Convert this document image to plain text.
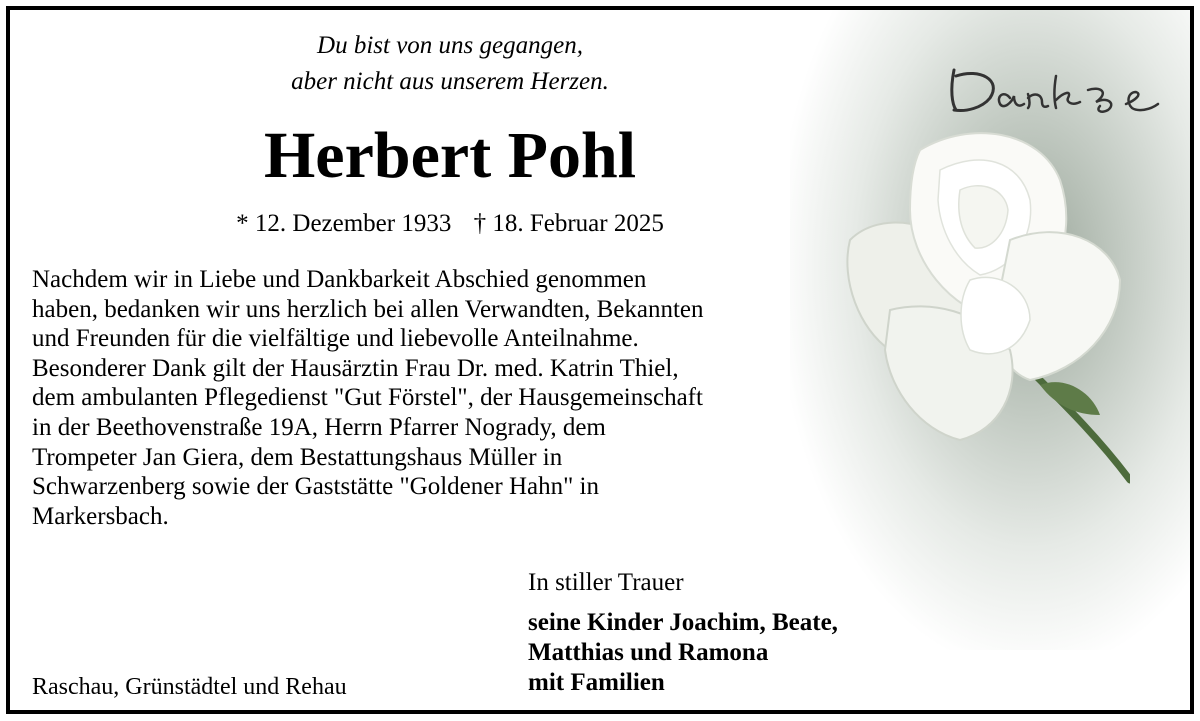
Du bist von uns gegangen,
aber nicht aus unserem Herzen.
Herbert Pohl
* 12. Dezember 1933 † 18. Februar 2025
Nachdem wir in Liebe und Dankbarkeit Abschied genommen
haben, bedanken wir uns herzlich bei allen Verwandten, Bekannten
und Freunden für die vielfältige und liebevolle Anteilnahme.
Besonderer Dank gilt der Hausärztin Frau Dr. med. Katrin Thiel,
dem ambulanten Pflegedienst "Gut Förstel", der Hausgemeinschaft
in der Beethovenstraße 19A, Herrn Pfarrer Nogrady, dem
Trompeter Jan Giera, dem Bestattungshaus Müller in
Schwarzenberg sowie der Gaststätte "Goldener Hahn" in
Markersbach.
In stiller Trauer
seine Kinder Joachim, Beate,
Matthias und Ramona
mit Familien
Raschau, Grünstädtel und Rehau
